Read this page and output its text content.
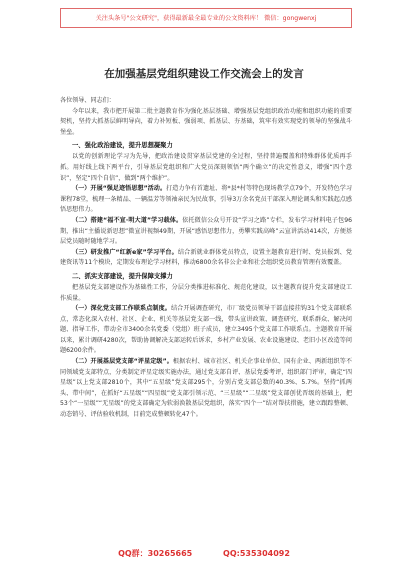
关注头条号"公文研究"，获得最新最全最专业的公文资料库！ 微信：gongwenxj
在加强基层党组织建设工作交流会上的发言

各位领导、同志们：

今年以来，我市把开展第二批主题教育作为强化基层基础、增强基层党组织政治功能和组织功能的重要契机，坚持大抓基层鲜明导向，着力补短板、强弱项、抓基层、夯基础，筑牢有效实现党的领导的坚强战斗堡垒。

一、强化政治建设，提升思想凝聚力

以党的创新理论学习为先导，把政治建设贯穿基层党建的全过程，坚持普遍覆盖和特殊群体优质再手抓。用好线上线下两平台，引导基层党组织和广大党员深刻领悟“两个确立”的决定性意义，增强“四个意识”，坚定“四个自信”，做到“两个维护”。

（一）开展“强足迹悟思想”活动。打造力争有首遗址、将*县*村等特色现场教学点79个，开发特色学习课程78堂，梳理一条精品、一辆温芳等领袖亲民为民故事，引导3万余名党员干部深入理论调头和实践起点感悟思想伟力。

（二）搭建“福不宣·明大道”学习载体。依托微信公众号开设“学习之路”专栏，发布学习材料电子包96期，推出“主播说新思想”微宣讲视频49期，开展“感悟思想伟力，勇攀实践高峰”云宣讲活动414次，方便基层党员随时随地学习。

（三）研发推广“红新e家”学习平台。结合新就业群体党员特点，设置主题教育进行时、党员报到、党建资讯等11个模块，定期发布理论学习材料，推动6800余名非公企业和社会组织党员教育管理有效覆盖。

二、抓实支部建设，提升保障支撑力

把基层党支部建设作为基础性工作，分层分类推进标准化、规范化建设，以主题教育提升党支部建设工作质量。

（一）深化党支部工作联系点制度。结合开展调查研究，市厂级党员领导干部直接挂钩31个党支部联系点，常态化深入农村、社区、企业、机关等基层党支部一线，带头宣讲政策、调查研究、联系群众、解决问题、指导工作，带动全市3400余名党委（党组）班子成员，建立3495个党支部工作联系点。主题教育开展以来，累计调研4280次，帮助协调解决支部运转后诉求，乡村产业发展、农业设施建设、老旧小区改造等问题6200余件。

（二）开展基层党支部“评星定级”。根据农村、城市社区、机关企事业单位、国有企业、两新组织等不同领域党支部特点，分类制定评星定级实施办法，通过党支部自评、基层党委考评，组织部门评审，确定“四星级”以上党支部2810个，其中“五星级”党支部295个，分别占党支部总数的40.3%、5.7%。坚持“抓两头、带中间”，在抓好“五星级”“四星级”党支部引领示范、“三星级”“二星级”党支部创优晋级的基础上，把53个“一星级”“无星级”的党支部确定为软弱涣散基层党组织，落实“四个一”结对帮扶措施，建立跟踪整顿、动态销号、评估验收机制，目前完成整顿转化47个。

QQ群：30265665	QQ:535304092
